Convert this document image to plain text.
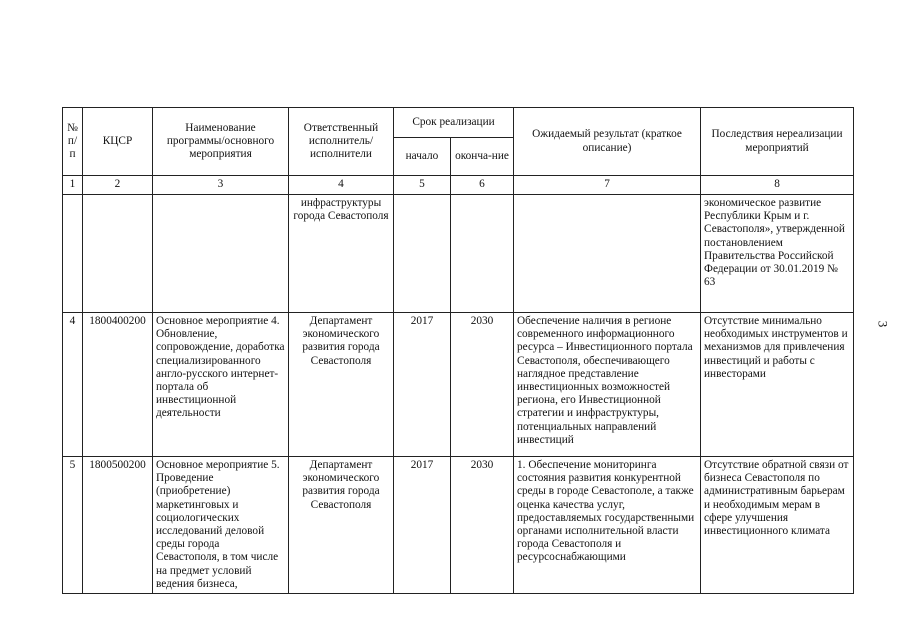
№ п/п	КЦСР	Наименование программы/основного мероприятия	Ответственный исполнитель/ исполнители	Срок реализации		Ожидаемый результат (краткое описание)	Последствия нереализации мероприятий
				начало	оконча-ние		
1	2	3	4	5	6	7	8
			инфраструктуры города Севастополя				экономическое развитие Республики Крым и г. Севастополя», утвержденной постановлением Правительства Российской Федерации от 30.01.2019 № 63
4	1800400200	Основное мероприятие 4. Обновление, сопровождение, доработка специализированного англо-русского интернет-портала об инвестиционной деятельности	Департамент экономического развития города Севастополя	2017	2030	Обеспечение наличия в регионе современного информационного ресурса – Инвестиционного портала Севастополя, обеспечивающего наглядное представление инвестиционных возможностей региона, его Инвестиционной стратегии и инфраструктуры, потенциальных направлений инвестиций	Отсутствие минимально необходимых инструментов и механизмов для привлечения инвестиций и работы с инвесторами
5	1800500200	Основное мероприятие 5. Проведение (приобретение) маркетинговых и социологических исследований деловой среды города Севастополя, в том числе на предмет условий ведения бизнеса,	Департамент экономического развития города Севастополя	2017	2030	1. Обеспечение мониторинга состояния развития конкурентной среды в городе Севастополе, а также оценка качества услуг, предоставляемых государственными органами исполнительной власти города Севастополя и ресурсоснабжающими	Отсутствие обратной связи от бизнеса Севастополя по административным барьерам и необходимым мерам в сфере улучшения инвестиционного климата
3
